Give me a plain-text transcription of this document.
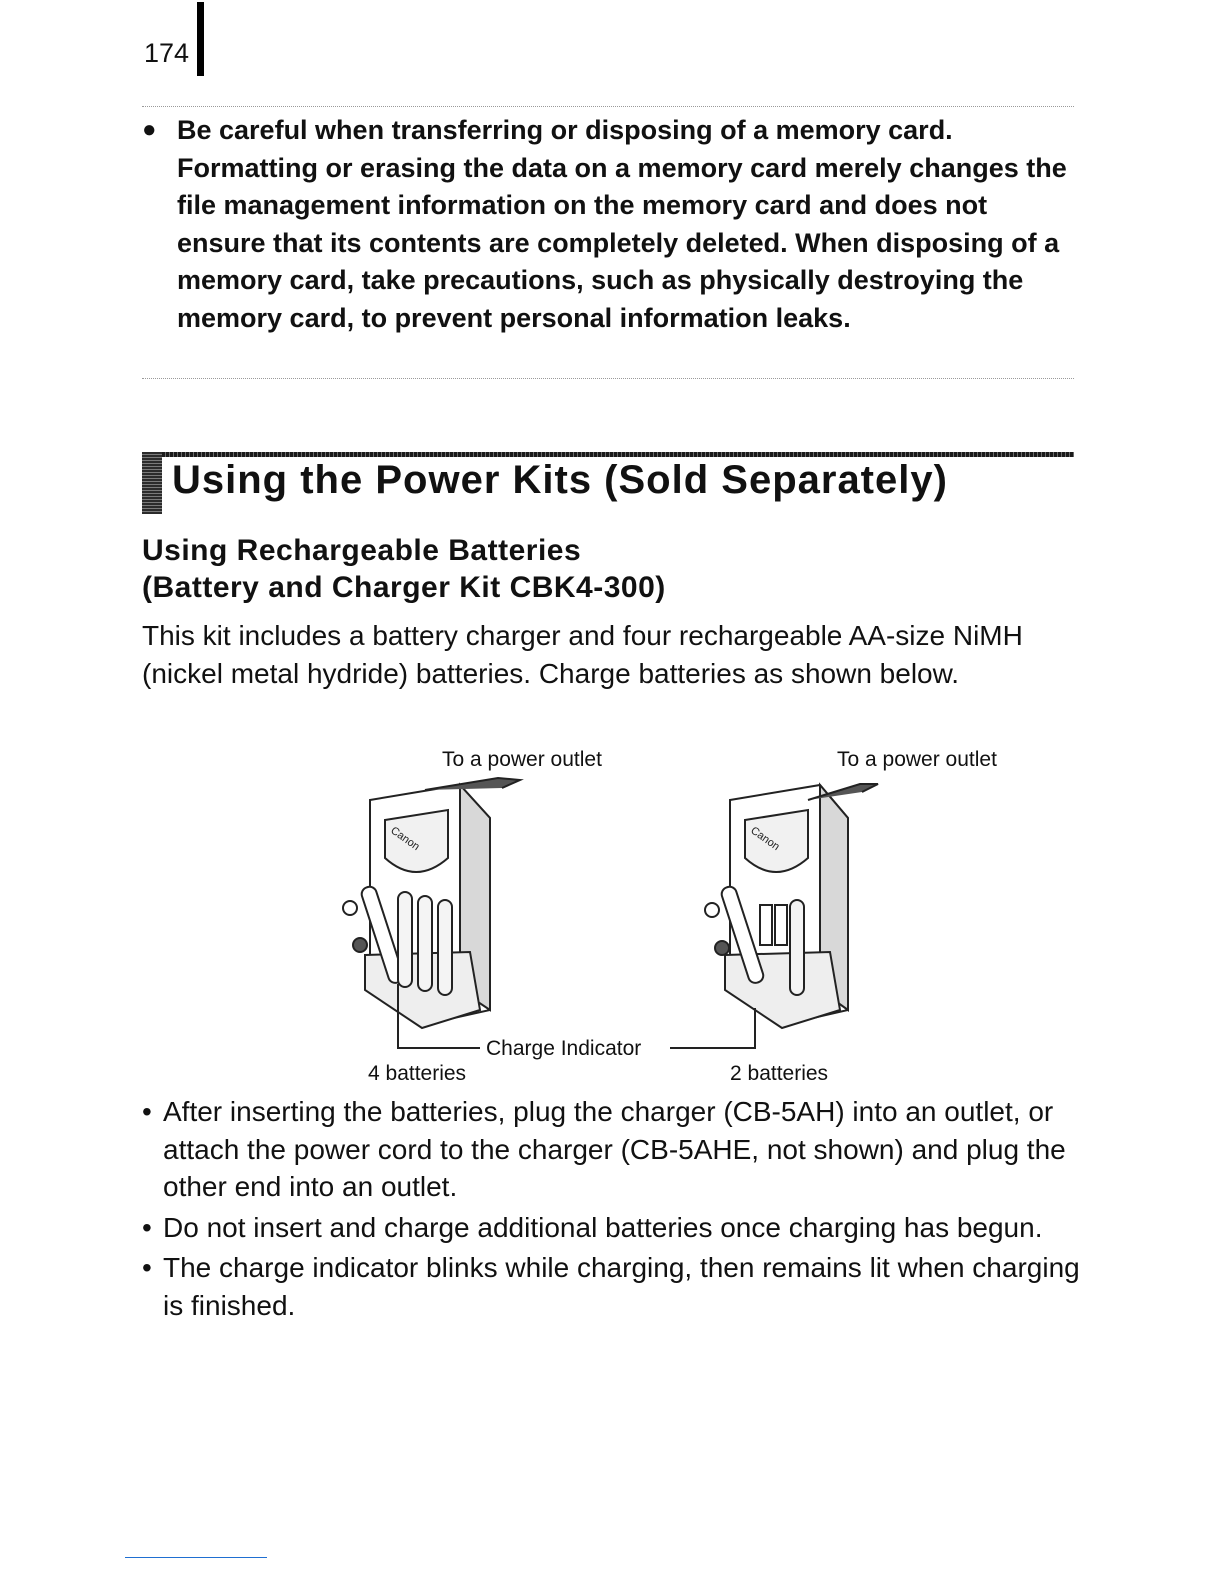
174
● Be careful when transferring or disposing of a memory card. Formatting or erasing the data on a memory card merely changes the file management information on the memory card and does not ensure that its contents are completely deleted. When disposing of a memory card, take precautions, such as physically destroying the memory card, to prevent personal information leaks.
Using the Power Kits (Sold Separately)
Using Rechargeable Batteries
(Battery and Charger Kit CBK4-300)
This kit includes a battery charger and four rechargeable AA-size NiMH (nickel metal hydride) batteries. Charge batteries as shown below.
To a power outlet	To a power outlet
Canon	Canon
Charge Indicator
4 batteries	2 batteries
• After inserting the batteries, plug the charger (CB-5AH) into an outlet, or attach the power cord to the charger (CB-5AHE, not shown) and plug the other end into an outlet.
• Do not insert and charge additional batteries once charging has begun.
• The charge indicator blinks while charging, then remains lit when charging is finished.
